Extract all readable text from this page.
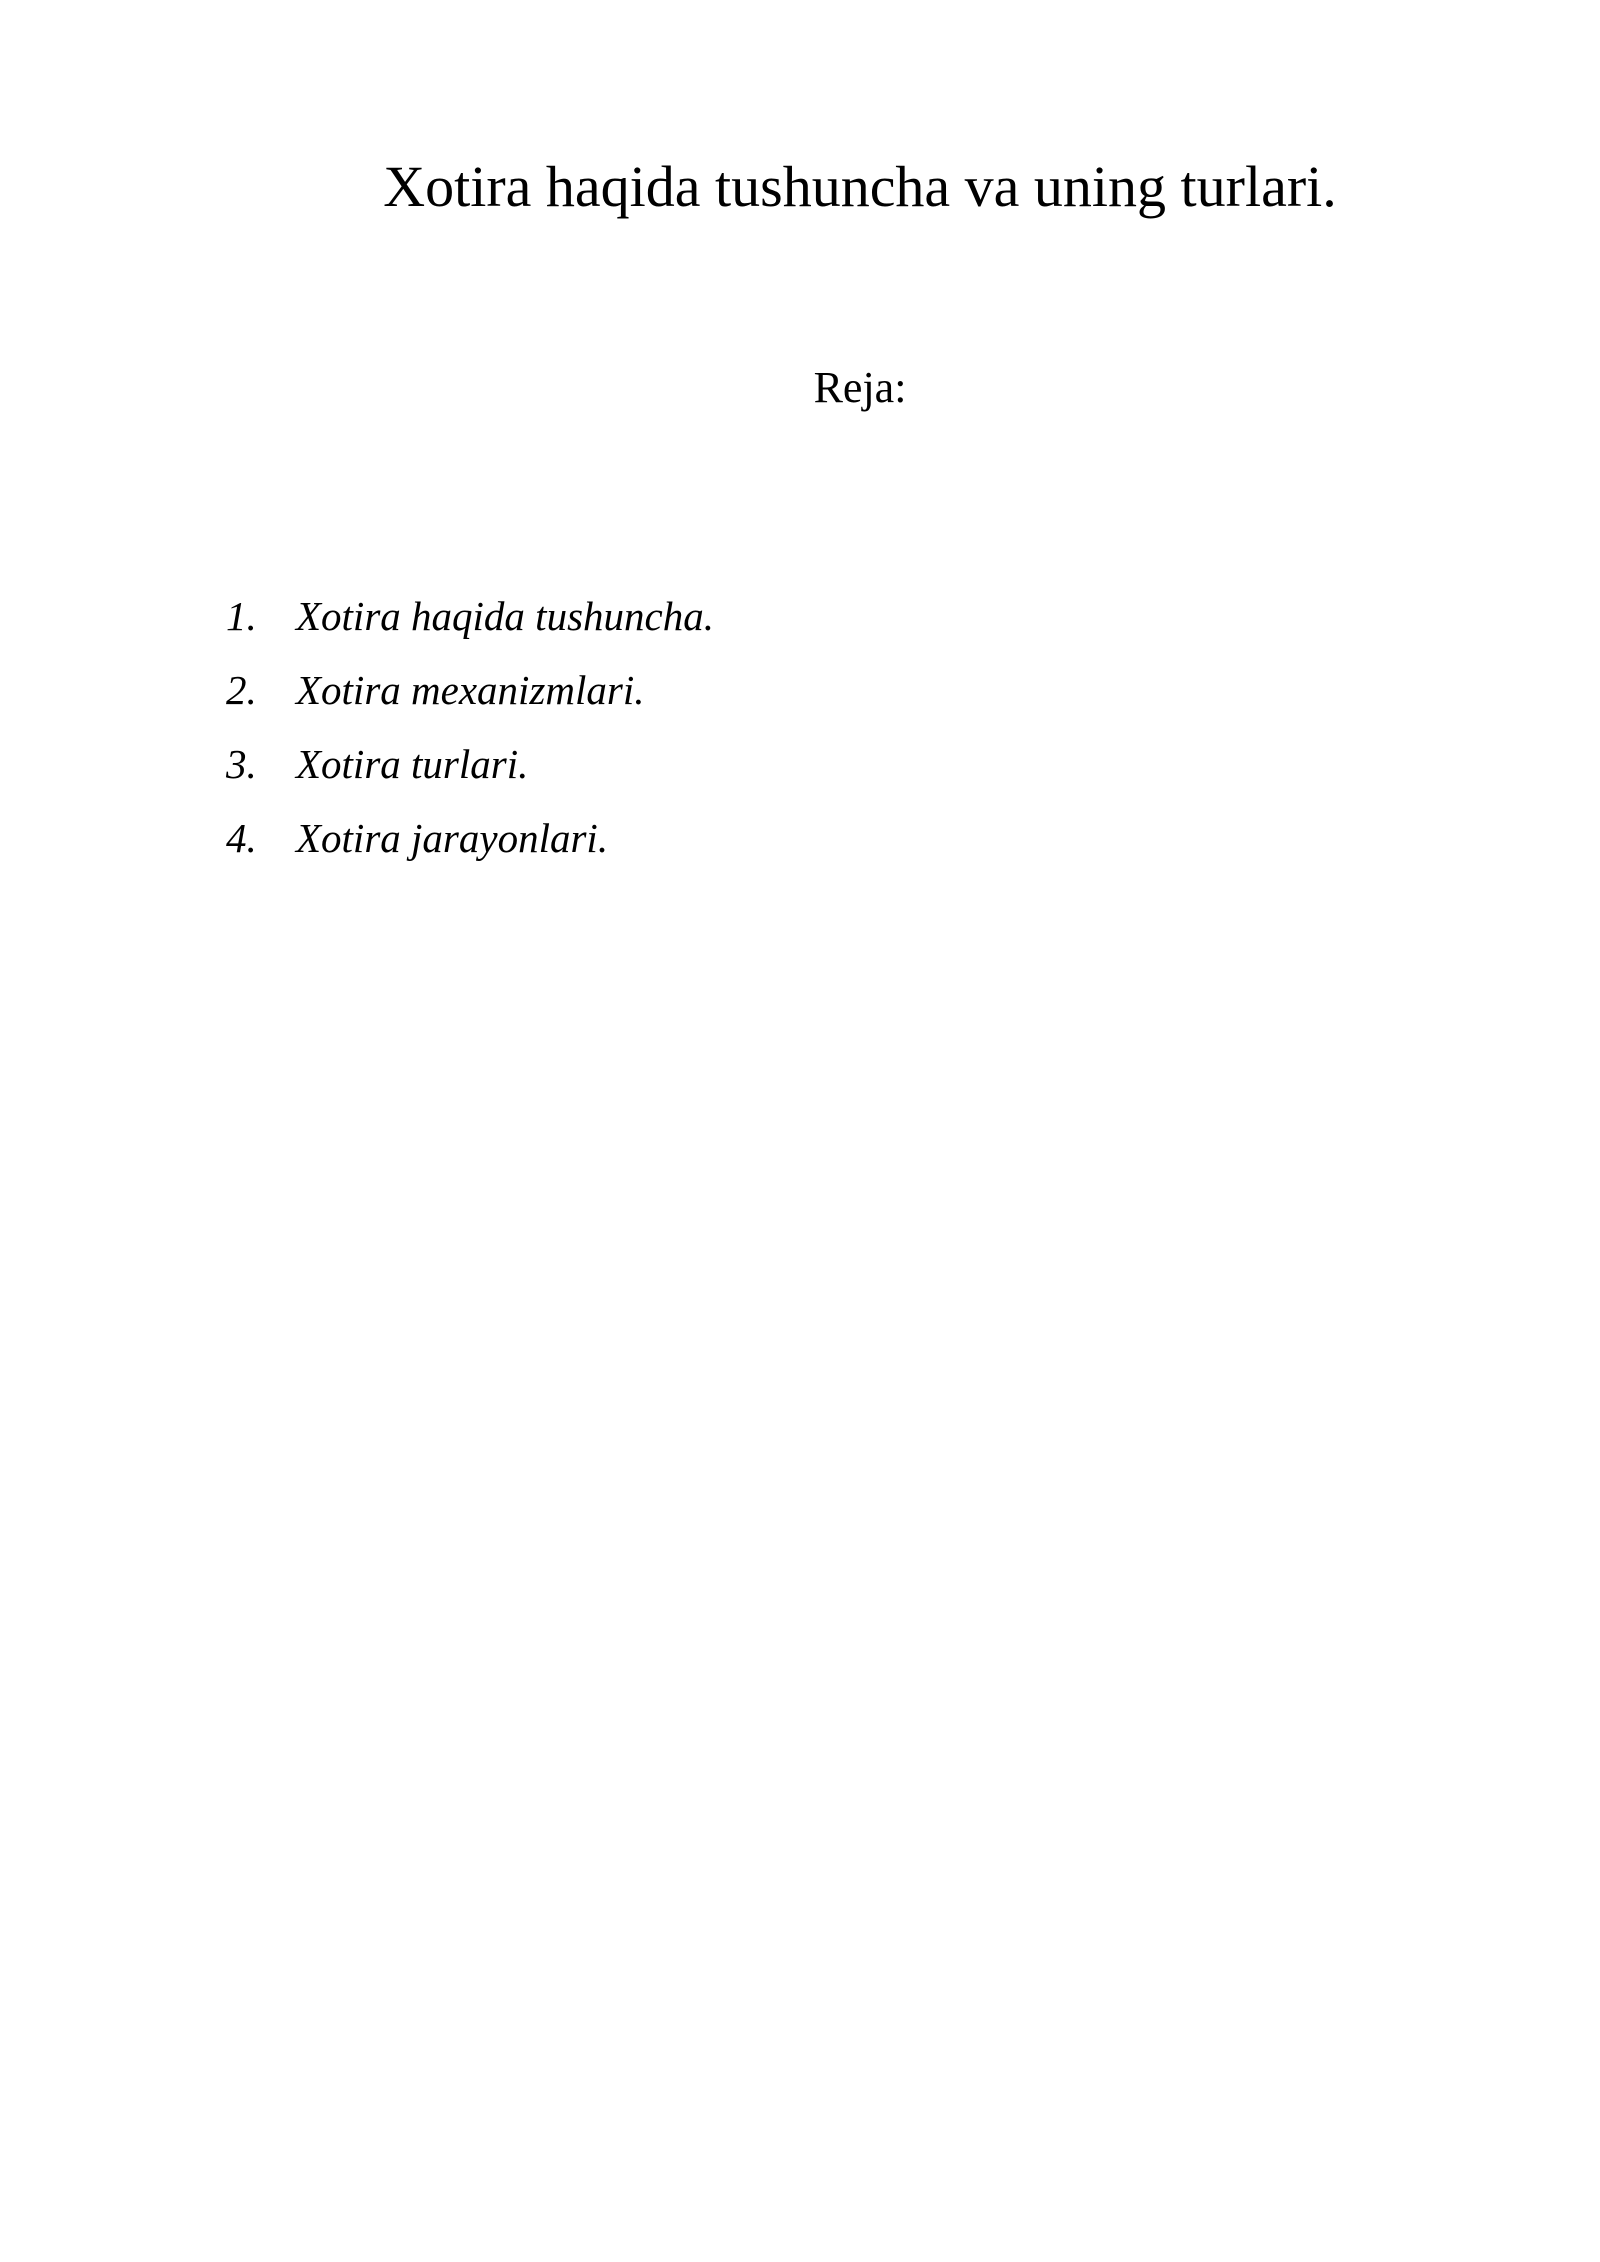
Xotira haqida tushuncha va uning turlari.
Reja:
1. Xotira haqida tushuncha.
2. Xotira mexanizmlari.
3. Xotira turlari.
4. Xotira jarayonlari.
